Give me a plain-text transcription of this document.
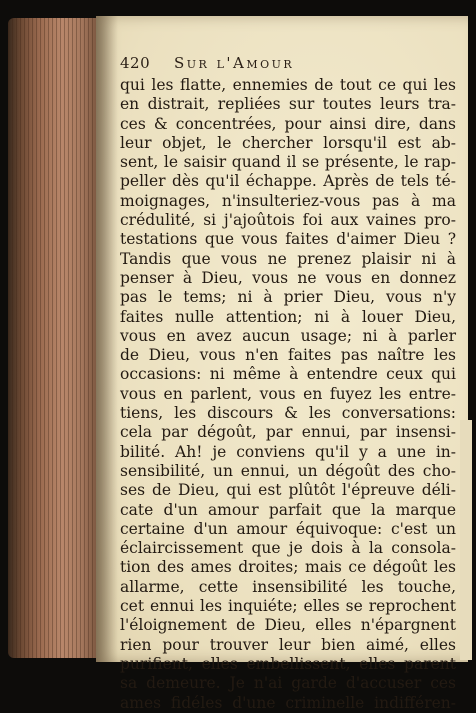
420 Sur l'Amour
qui les flatte, ennemies de tout ce qui les
en distrait, repliées sur toutes leurs tra-
ces & concentrées, pour ainsi dire, dans
leur objet, le chercher lorsqu'il est ab-
sent, le saisir quand il se présente, le rap-
peller dès qu'il échappe. Après de tels té-
moignages, n'insulteriez-vous pas à ma
crédulité, si j'ajoûtois foi aux vaines pro-
testations que vous faites d'aimer Dieu ?
Tandis que vous ne prenez plaisir ni à
penser à Dieu, vous ne vous en donnez
pas le tems; ni à prier Dieu, vous n'y
faites nulle attention; ni à louer Dieu,
vous en avez aucun usage; ni à parler
de Dieu, vous n'en faites pas naître les
occasions: ni même à entendre ceux qui
vous en parlent, vous en fuyez les entre-
tiens, les discours & les conversations:
cela par dégoût, par ennui, par insensi-
bilité. Ah! je conviens qu'il y a une in-
sensibilité, un ennui, un dégoût des cho-
ses de Dieu, qui est plûtôt l'épreuve déli-
cate d'un amour parfait que la marque
certaine d'un amour équivoque: c'est un
éclaircissement que je dois à la consola-
tion des ames droites; mais ce dégoût les
allarme, cette insensibilité les touche,
cet ennui les inquiéte; elles se reprochent
l'éloignement de Dieu, elles n'épargnent
rien pour trouver leur bien aimé, elles
purifient, elles embellissent, elles parent
sa demeure. Je n'ai garde d'accuser ces
ames fidéles d'une criminelle indifféren-
